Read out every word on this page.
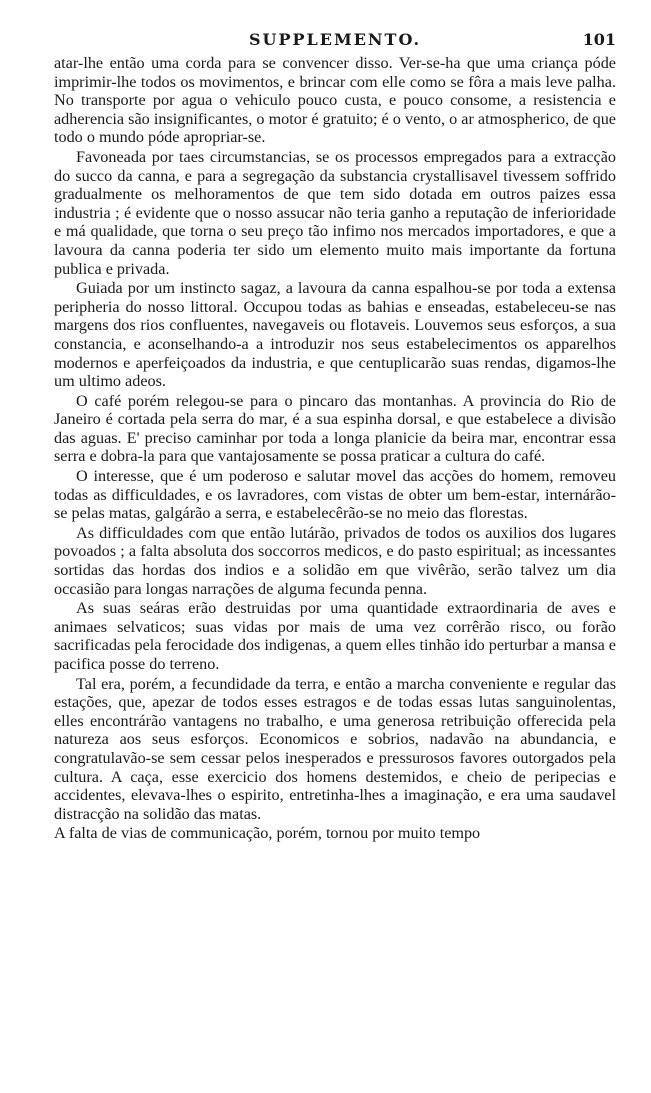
SUPPLEMENTO.	101

atar-lhe então uma corda para se convencer disso. Ver-se-ha que uma criança póde imprimir-lhe todos os movimentos, e brincar com elle como se fôra a mais leve palha. No transporte por agua o vehiculo pouco custa, e pouco consome, a resistencia e adherencia são insignificantes, o motor é gratuito; é o vento, o ar atmospherico, de que todo o mundo póde apropriar-se.

Favoneada por taes circumstancias, se os processos empregados para a extracção do succo da canna, e para a segregação da substancia crystallisavel tivessem soffrido gradualmente os melhoramentos de que tem sido dotada em outros paizes essa industria ; é evidente que o nosso assucar não teria ganho a reputação de inferioridade e má qualidade, que torna o seu preço tão infimo nos mercados importadores, e que a lavoura da canna poderia ter sido um elemento muito mais importante da fortuna publica e privada.

Guiada por um instincto sagaz, a lavoura da canna espalhou-se por toda a extensa peripheria do nosso littoral. Occupou todas as bahias e enseadas, estabeleceu-se nas margens dos rios confluentes, navegaveis ou flotaveis. Louvemos seus esforços, a sua constancia, e aconselhando-a a introduzir nos seus estabelecimentos os apparelhos modernos e aperfeiçoados da industria, e que centuplicarão suas rendas, digamos-lhe um ultimo adeos.

O café porém relegou-se para o pincaro das montanhas. A provincia do Rio de Janeiro é cortada pela serra do mar, é a sua espinha dorsal, e que estabelece a divisão das aguas. E' preciso caminhar por toda a longa planicie da beira mar, encontrar essa serra e dobra-la para que vantajosamente se possa praticar a cultura do café.

O interesse, que é um poderoso e salutar movel das acções do homem, removeu todas as difficuldades, e os lavradores, com vistas de obter um bem-estar, internárão-se pelas matas, galgárão a serra, e estabelecêrão-se no meio das florestas.

As difficuldades com que então lutárão, privados de todos os auxilios dos lugares povoados ; a falta absoluta dos soccorros medicos, e do pasto espiritual; as incessantes sortidas das hordas dos indios e a solidão em que vivêrão, serão talvez um dia occasião para longas narrações de alguma fecunda penna.

As suas seáras erão destruidas por uma quantidade extraordinaria de aves e animaes selvaticos; suas vidas por mais de uma vez corrêrão risco, ou forão sacrificadas pela ferocidade dos indigenas, a quem elles tinhão ido perturbar a mansa e pacifica posse do terreno.

Tal era, porém, a fecundidade da terra, e então a marcha conveniente e regular das estações, que, apezar de todos esses estragos e de todas essas lutas sanguinolentas, elles encontrárão vantagens no trabalho, e uma generosa retribuição offerecida pela natureza aos seus esforços. Economicos e sobrios, nadavão na abundancia, e congratulavão-se sem cessar pelos inesperados e pressurosos favores outorgados pela cultura. A caça, esse exercicio dos homens destemidos, e cheio de peripecias e accidentes, elevava-lhes o espirito, entretinha-lhes a imaginação, e era uma saudavel distracção na solidão das matas.

A falta de vias de communicação, porém, tornou por muito tempo
